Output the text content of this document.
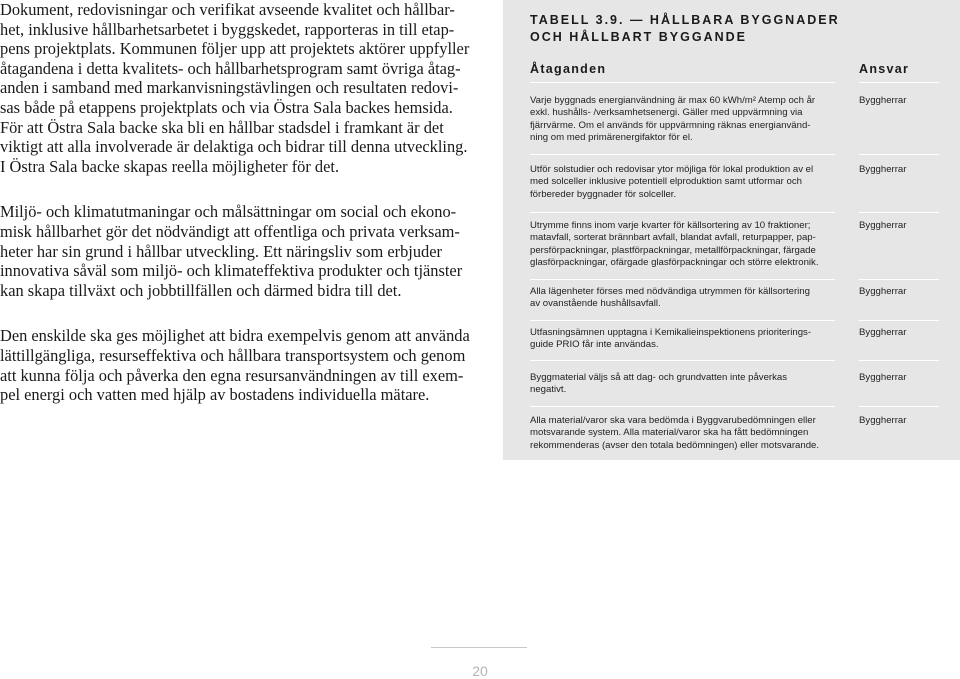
Dokument, redovisningar och verifikat avseende kvalitet och hållbar-
het, inklusive hållbarhetsarbetet i byggskedet, rapporteras in till etap-
pens projektplats. Kommunen följer upp att projektets aktörer uppfyller
åtagandena i detta kvalitets- och hållbarhetsprogram samt övriga åtag-
anden i samband med markanvisningstävlingen och resultaten redovi-
sas både på etappens projektplats och via Östra Sala backes hemsida.
För att Östra Sala backe ska bli en hållbar stadsdel i framkant är det
viktigt att alla involverade är delaktiga och bidrar till denna utveckling.
I Östra Sala backe skapas reella möjligheter för det.

Miljö- och klimatutmaningar och målsättningar om social och ekono-
misk hållbarhet gör det nödvändigt att offentliga och privata verksam-
heter har sin grund i hållbar utveckling. Ett näringsliv som erbjuder
innovativa såväl som miljö- och klimateffektiva produkter och tjänster
kan skapa tillväxt och jobbtillfällen och därmed bidra till det.

Den enskilde ska ges möjlighet att bidra exempelvis genom att använda
lättillgängliga, resurseffektiva och hållbara transportsystem och genom
att kunna följa och påverka den egna resursanvändningen av till exem-
pel energi och vatten med hjälp av bostadens individuella mätare.

TABELL 3.9. — HÅLLBARA BYGGNADER
OCH HÅLLBART BYGGANDE
Åtaganden	Ansvar
Varje byggnads energianvändning är max 60 kWh/m² Atemp och år
exkl. hushålls- /verksamhetsenergi. Gäller med uppvärmning via
fjärrvärme. Om el används för uppvärmning räknas energianvänd-
ning om med primärenergifaktor för el.
Byggherrar
Utför solstudier och redovisar ytor möjliga för lokal produktion av el
med solceller inklusive potentiell elproduktion samt utformar och
förbereder byggnader för solceller.
Byggherrar
Utrymme finns inom varje kvarter för källsortering av 10 fraktioner;
matavfall, sorterat brännbart avfall, blandat avfall, returpapper, pap-
persförpackningar, plastförpackningar, metallförpackningar, färgade
glasförpackningar, ofärgade glasförpackningar och större elektronik.
Byggherrar
Alla lägenheter förses med nödvändiga utrymmen för källsortering
av ovanstående hushållsavfall.
Byggherrar
Utfasningsämnen upptagna i Kemikalieinspektionens prioriterings-
guide PRIO får inte användas.
Byggherrar
Byggmaterial väljs så att dag- och grundvatten inte påverkas
negativt.
Byggherrar
Alla material/varor ska vara bedömda i Byggvarubedömningen eller
motsvarande system. Alla material/varor ska ha fått bedömningen
rekommenderas (avser den totala bedömningen) eller motsvarande.
Byggherrar
20
